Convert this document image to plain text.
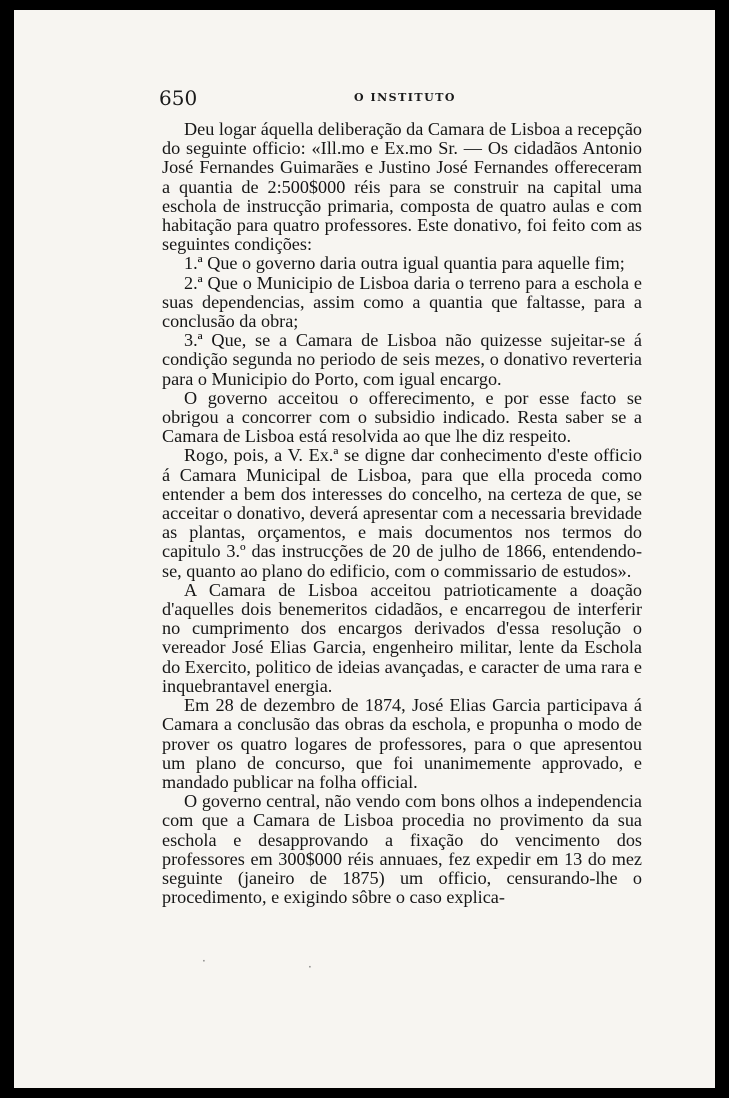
650	O INSTITUTO

Deu logar áquella deliberação da Camara de Lisboa a recepção do seguinte officio: «Ill.mo e Ex.mo Sr. — Os cidadãos Antonio José Fernandes Guimarães e Justino José Fernandes offereceram a quantia de 2:500$000 réis para se construir na capital uma eschola de instrucção primaria, composta de quatro aulas e com habitação para quatro professores. Este donativo, foi feito com as seguintes condições:

1.ª Que o governo daria outra igual quantia para aquelle fim;

2.ª Que o Municipio de Lisboa daria o terreno para a eschola e suas dependencias, assim como a quantia que faltasse, para a conclusão da obra;

3.ª Que, se a Camara de Lisboa não quizesse sujeitar-se á condição segunda no periodo de seis mezes, o donativo reverteria para o Municipio do Porto, com igual encargo.

O governo acceitou o offerecimento, e por esse facto se obrigou a concorrer com o subsidio indicado. Resta saber se a Camara de Lisboa está resolvida ao que lhe diz respeito.

Rogo, pois, a V. Ex.ª se digne dar conhecimento d'este officio á Camara Municipal de Lisboa, para que ella proceda como entender a bem dos interesses do concelho, na certeza de que, se acceitar o donativo, deverá apresentar com a necessaria brevidade as plantas, orçamentos, e mais documentos nos termos do capitulo 3.º das instrucções de 20 de julho de 1866, entendendo-se, quanto ao plano do edificio, com o commissario de estudos».

A Camara de Lisboa acceitou patrioticamente a doação d'aquelles dois benemeritos cidadãos, e encarregou de interferir no cumprimento dos encargos derivados d'essa resolução o vereador José Elias Garcia, engenheiro militar, lente da Eschola do Exercito, politico de ideias avançadas, e caracter de uma rara e inquebrantavel energia.

Em 28 de dezembro de 1874, José Elias Garcia participava á Camara a conclusão das obras da eschola, e propunha o modo de prover os quatro logares de professores, para o que apresentou um plano de concurso, que foi unanimemente approvado, e mandado publicar na folha official.

O governo central, não vendo com bons olhos a independencia com que a Camara de Lisboa procedia no provimento da sua eschola e desapprovando a fixação do vencimento dos professores em 300$000 réis annuaes, fez expedir em 13 do mez seguinte (janeiro de 1875) um officio, censurando-lhe o procedimento, e exigindo sôbre o caso explica-

·	·
